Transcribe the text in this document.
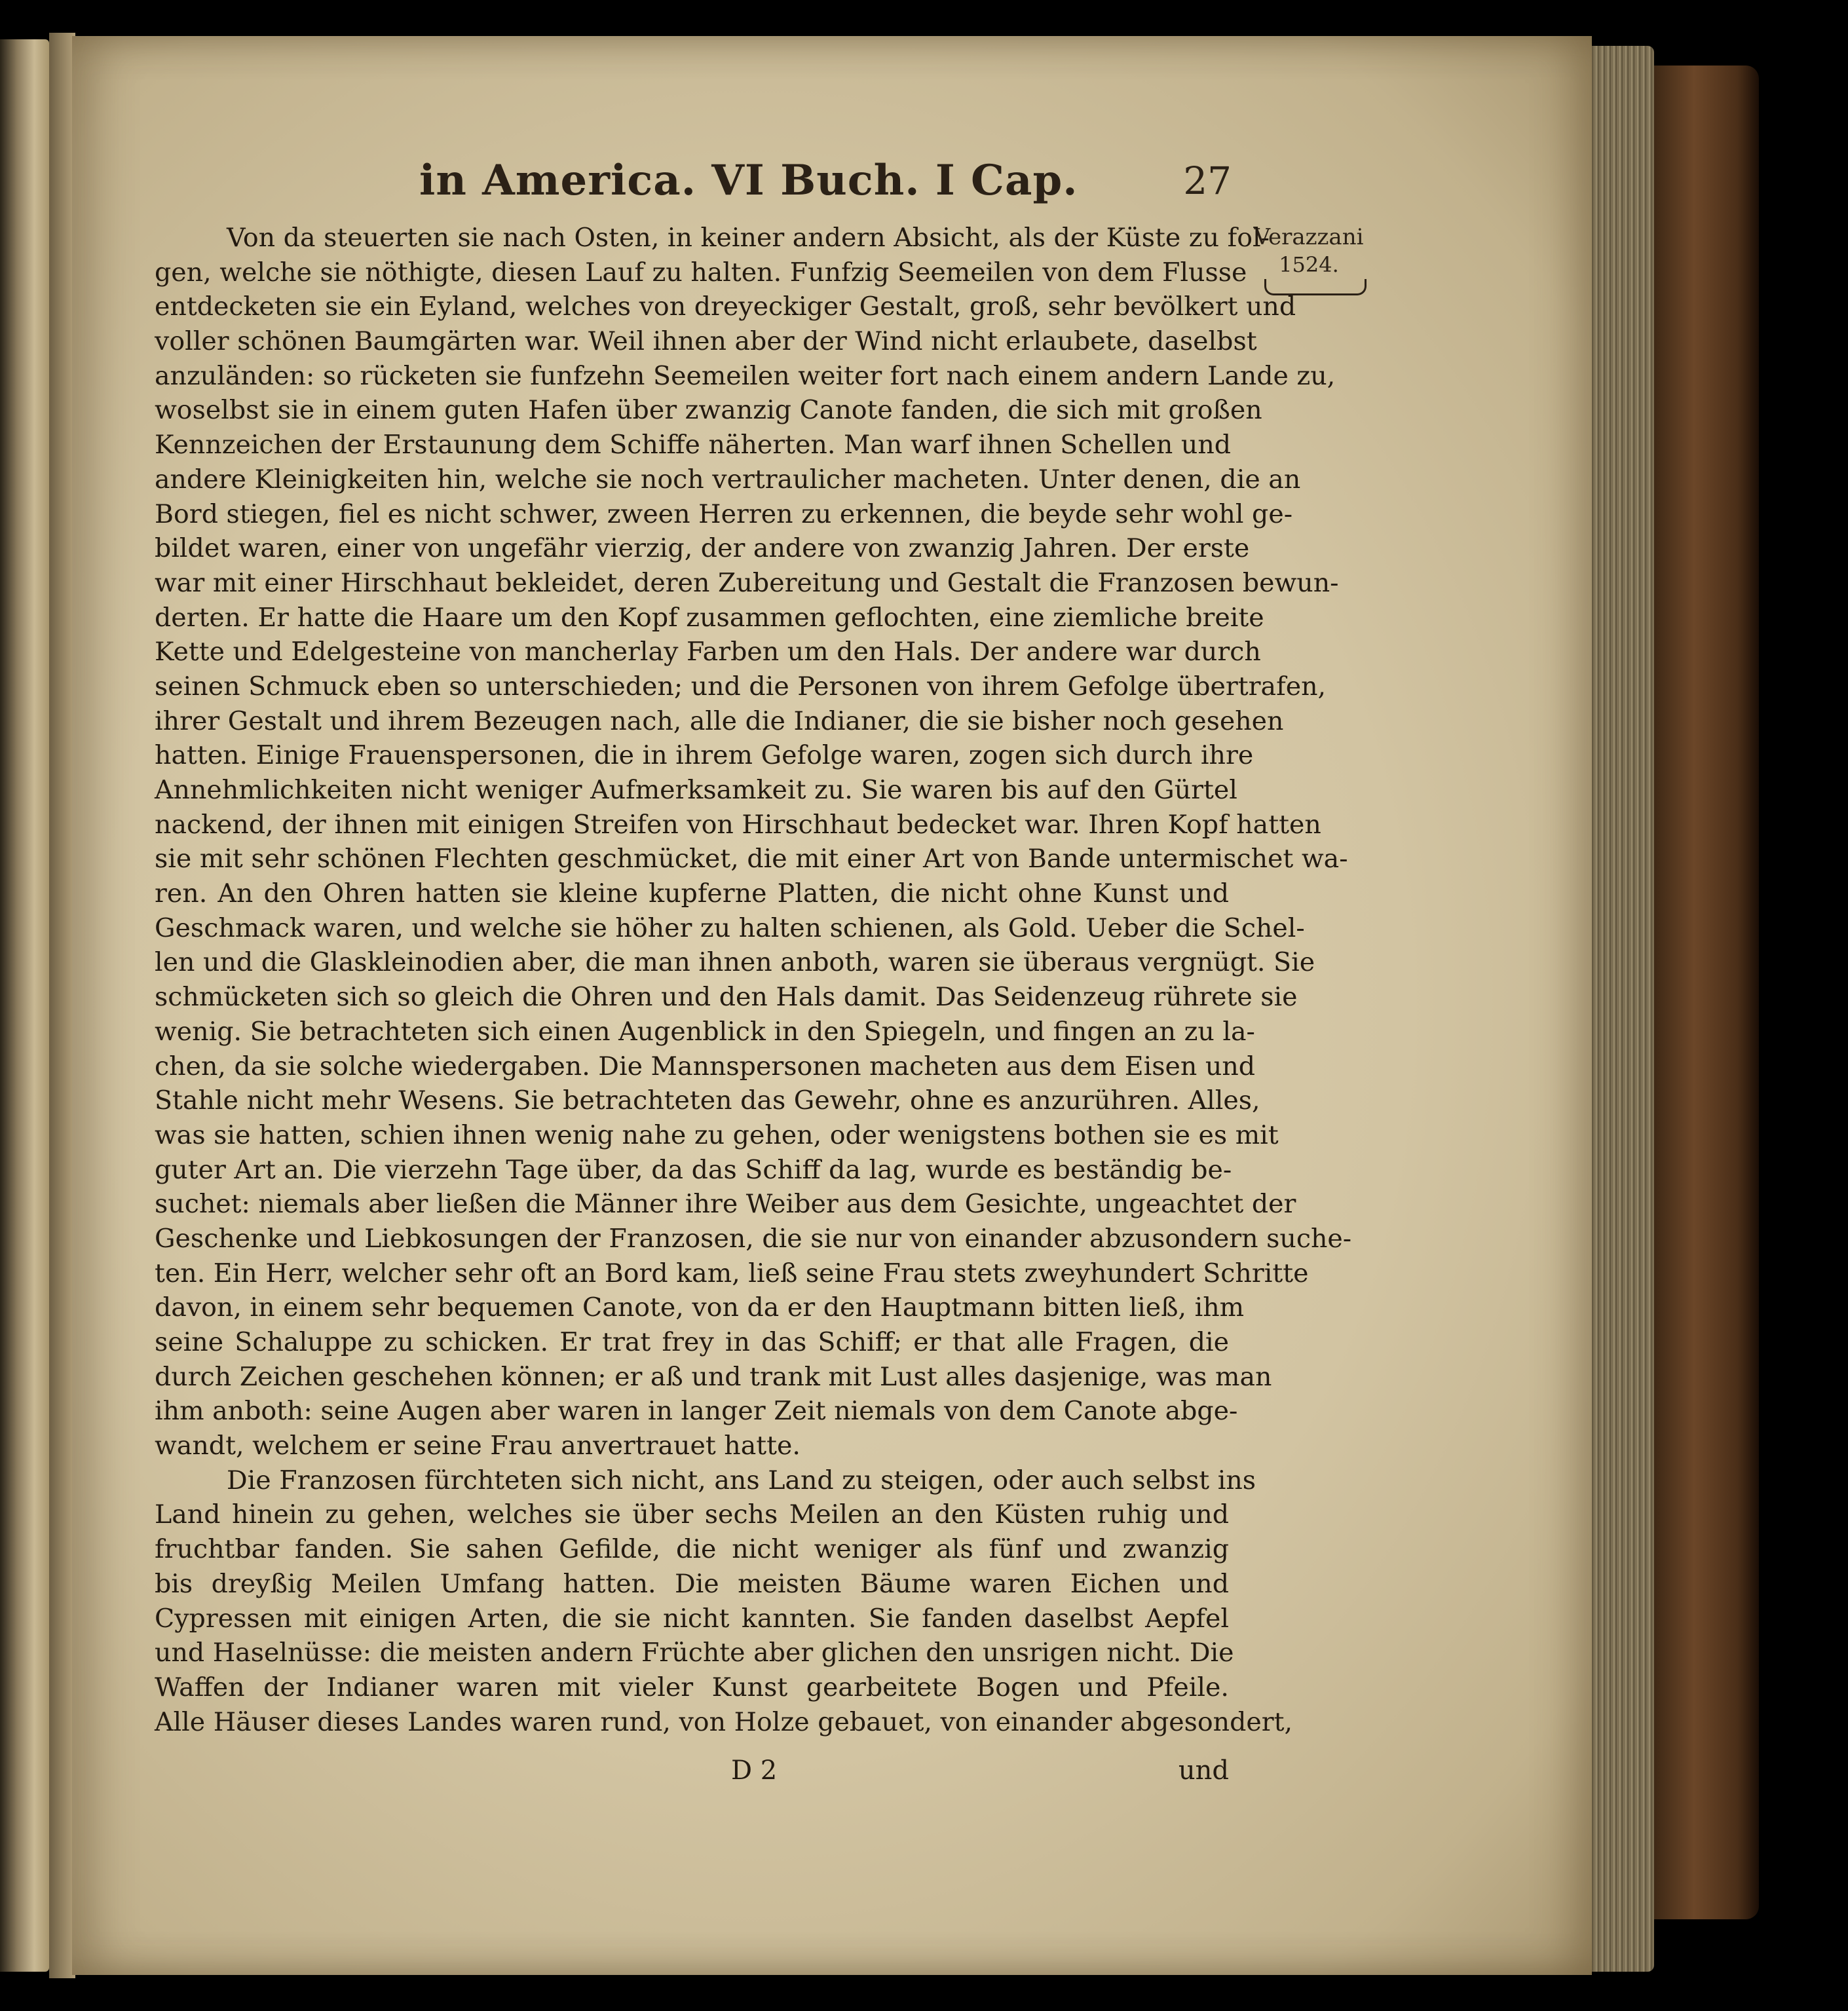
in America. VI Buch. I Cap.	27
Verazzani
1524.
Von da steuerten sie nach Osten, in keiner andern Absicht, als der Küste zu fol-
gen, welche sie nöthigte, diesen Lauf zu halten. Funfzig Seemeilen von dem Flusse
entdecketen sie ein Eyland, welches von dreyeckiger Gestalt, groß, sehr bevölkert und
voller schönen Baumgärten war. Weil ihnen aber der Wind nicht erlaubete, daselbst
anzuländen: so rücketen sie funfzehn Seemeilen weiter fort nach einem andern Lande zu,
woselbst sie in einem guten Hafen über zwanzig Canote fanden, die sich mit großen
Kennzeichen der Erstaunung dem Schiffe näherten. Man warf ihnen Schellen und
andere Kleinigkeiten hin, welche sie noch vertraulicher macheten. Unter denen, die an
Bord stiegen, fiel es nicht schwer, zween Herren zu erkennen, die beyde sehr wohl ge-
bildet waren, einer von ungefähr vierzig, der andere von zwanzig Jahren. Der erste
war mit einer Hirschhaut bekleidet, deren Zubereitung und Gestalt die Franzosen bewun-
derten. Er hatte die Haare um den Kopf zusammen geflochten, eine ziemliche breite
Kette und Edelgesteine von mancherlay Farben um den Hals. Der andere war durch
seinen Schmuck eben so unterschieden; und die Personen von ihrem Gefolge übertrafen,
ihrer Gestalt und ihrem Bezeugen nach, alle die Indianer, die sie bisher noch gesehen
hatten. Einige Frauenspersonen, die in ihrem Gefolge waren, zogen sich durch ihre
Annehmlichkeiten nicht weniger Aufmerksamkeit zu. Sie waren bis auf den Gürtel
nackend, der ihnen mit einigen Streifen von Hirschhaut bedecket war. Ihren Kopf hatten
sie mit sehr schönen Flechten geschmücket, die mit einer Art von Bande untermischet wa-
ren. An den Ohren hatten sie kleine kupferne Platten, die nicht ohne Kunst und
Geschmack waren, und welche sie höher zu halten schienen, als Gold. Ueber die Schel-
len und die Glaskleinodien aber, die man ihnen anboth, waren sie überaus vergnügt. Sie
schmücketen sich so gleich die Ohren und den Hals damit. Das Seidenzeug rührete sie
wenig. Sie betrachteten sich einen Augenblick in den Spiegeln, und fingen an zu la-
chen, da sie solche wiedergaben. Die Mannspersonen macheten aus dem Eisen und
Stahle nicht mehr Wesens. Sie betrachteten das Gewehr, ohne es anzurühren. Alles,
was sie hatten, schien ihnen wenig nahe zu gehen, oder wenigstens bothen sie es mit
guter Art an. Die vierzehn Tage über, da das Schiff da lag, wurde es beständig be-
suchet: niemals aber ließen die Männer ihre Weiber aus dem Gesichte, ungeachtet der
Geschenke und Liebkosungen der Franzosen, die sie nur von einander abzusondern suche-
ten. Ein Herr, welcher sehr oft an Bord kam, ließ seine Frau stets zweyhundert Schritte
davon, in einem sehr bequemen Canote, von da er den Hauptmann bitten ließ, ihm
seine Schaluppe zu schicken. Er trat frey in das Schiff; er that alle Fragen, die
durch Zeichen geschehen können; er aß und trank mit Lust alles dasjenige, was man
ihm anboth: seine Augen aber waren in langer Zeit niemals von dem Canote abge-
wandt, welchem er seine Frau anvertrauet hatte.
Die Franzosen fürchteten sich nicht, ans Land zu steigen, oder auch selbst ins
Land hinein zu gehen, welches sie über sechs Meilen an den Küsten ruhig und
fruchtbar fanden. Sie sahen Gefilde, die nicht weniger als fünf und zwanzig
bis dreyßig Meilen Umfang hatten. Die meisten Bäume waren Eichen und
Cypressen mit einigen Arten, die sie nicht kannten. Sie fanden daselbst Aepfel
und Haselnüsse: die meisten andern Früchte aber glichen den unsrigen nicht. Die
Waffen der Indianer waren mit vieler Kunst gearbeitete Bogen und Pfeile.
Alle Häuser dieses Landes waren rund, von Holze gebauet, von einander abgesondert,
D 2	und
